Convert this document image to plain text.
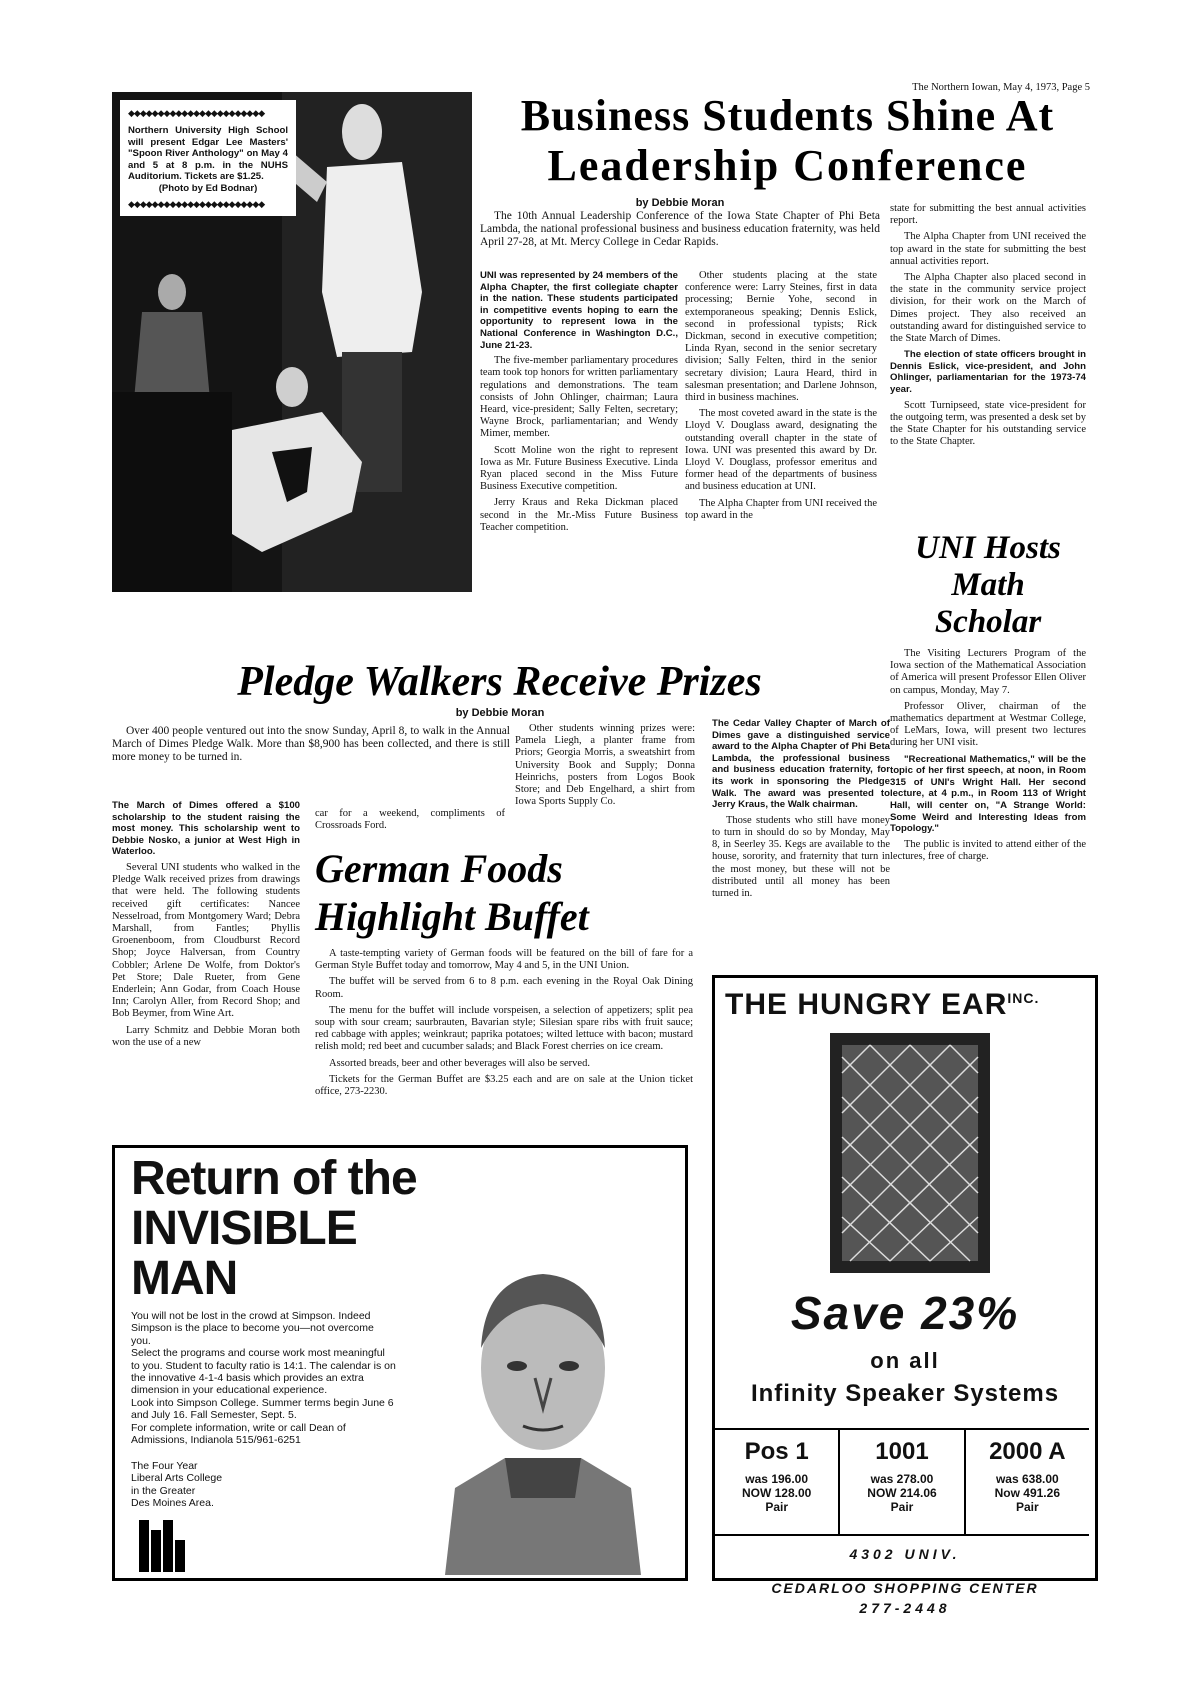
The Northern Iowan, May 4, 1973, Page 5
◆◆◆◆◆◆◆◆◆◆◆◆◆◆◆◆◆◆◆◆◆◆◆
Northern University High School will present Edgar Lee Masters' "Spoon River Anthology" on May 4 and 5 at 8 p.m. in the NUHS Auditorium. Tickets are $1.25.
(Photo by Ed Bodnar)
◆◆◆◆◆◆◆◆◆◆◆◆◆◆◆◆◆◆◆◆◆◆◆
Business Students Shine At
Leadership Conference
by Debbie Moran

The 10th Annual Leadership Conference of the Iowa State Chapter of Phi Beta Lambda, the national professional business and business education fraternity, was held April 27-28, at Mt. Mercy College in Cedar Rapids.

UNI was represented by 24 members of the Alpha Chapter, the first collegiate chapter in the nation. These students participated in competitive events hoping to earn the opportunity to represent Iowa in the National Conference in Washington D.C., June 21-23.

The five-member parliamentary procedures team took top honors for written parliamentary regulations and demonstrations. The team consists of John Ohlinger, chairman; Laura Heard, vice-president; Sally Felten, secretary; Wayne Brock, parliamentarian; and Wendy Mimer, member.

Scott Moline won the right to represent Iowa as Mr. Future Business Executive. Linda Ryan placed second in the Miss Future Business Executive competition.

Jerry Kraus and Reka Dickman placed second in the Mr.-Miss Future Business Teacher competition.

Other students placing at the state conference were: Larry Steines, first in data processing; Bernie Yohe, second in extemporaneous speaking; Dennis Eslick, second in professional typists; Rick Dickman, second in executive competition; Linda Ryan, second in the senior secretary division; Sally Felten, third in the senior secretary division; Laura Heard, third in salesman presentation; and Darlene Johnson, third in business machines.

The most coveted award in the state is the Lloyd V. Douglass award, designating the outstanding overall chapter in the state of Iowa. UNI was presented this award by Dr. Lloyd V. Douglass, professor emeritus and former head of the departments of business and business education at UNI.

The Alpha Chapter from UNI received the top award in the

state for submitting the best annual activities report.

The Alpha Chapter from UNI received the top award in the state for submitting the best annual activities report.

The Alpha Chapter also placed second in the state in the community service project division, for their work on the March of Dimes project. They also received an outstanding award for distinguished service to the State March of Dimes.

The election of state officers brought in Dennis Eslick, vice-president, and John Ohlinger, parliamentarian for the 1973-74 year.

Scott Turnipseed, state vice-president for the outgoing term, was presented a desk set by the State Chapter for his outstanding service to the State Chapter.

UNI Hosts
Math
Scholar

The Visiting Lecturers Program of the Iowa section of the Mathematical Association of America will present Professor Ellen Oliver on campus, Monday, May 7.

Professor Oliver, chairman of the mathematics department at Westmar College, of LeMars, Iowa, will present two lectures during her UNI visit.

"Recreational Mathematics," will be the topic of her first speech, at noon, in Room 315 of UNI's Wright Hall. Her second lecture, at 4 p.m., in Room 113 of Wright Hall, will center on, "A Strange World: Some Weird and Interesting Ideas from Topology."

The public is invited to attend either of the lectures, free of charge.

Pledge Walkers Receive Prizes
by Debbie Moran

Over 400 people ventured out into the snow Sunday, April 8, to walk in the Annual March of Dimes Pledge Walk. More than $8,900 has been collected, and there is still more money to be turned in.

The March of Dimes offered a $100 scholarship to the student raising the most money. This scholarship went to Debbie Nosko, a junior at West High in Waterloo.

Several UNI students who walked in the Pledge Walk received prizes from drawings that were held. The following students received gift certificates: Nancee Nesselroad, from Montgomery Ward; Debra Marshall, from Fantles; Phyllis Groenenboom, from Cloudburst Record Shop; Joyce Halversan, from Country Cobbler; Arlene De Wolfe, from Doktor's Pet Store; Dale Rueter, from Gene Enderlein; Ann Godar, from Coach House Inn; Carolyn Aller, from Record Shop; and Bob Beymer, from Wine Art.

Larry Schmitz and Debbie Moran both won the use of a new

car for a weekend, compliments of Crossroads Ford.

Other students winning prizes were: Pamela Liegh, a planter frame from Priors; Georgia Morris, a sweatshirt from University Book and Supply; Donna Heinrichs, posters from Logos Book Store; and Deb Engelhard, a shirt from Iowa Sports Supply Co.

The Cedar Valley Chapter of March of Dimes gave a distinguished service award to the Alpha Chapter of Phi Beta Lambda, the professional business and business education fraternity, for its work in sponsoring the Pledge Walk. The award was presented to Jerry Kraus, the Walk chairman.

Those students who still have money to turn in should do so by Monday, May 8, in Seerley 35. Kegs are available to the house, sorority, and fraternity that turn in the most money, but these will not be distributed until all money has been turned in.

German Foods
Highlight Buffet

A taste-tempting variety of German foods will be featured on the bill of fare for a German Style Buffet today and tomorrow, May 4 and 5, in the UNI Union.

The buffet will be served from 6 to 8 p.m. each evening in the Royal Oak Dining Room.

The menu for the buffet will include vorspeisen, a selection of appetizers; split pea soup with sour cream; saurbrauten, Bavarian style; Silesian spare ribs with fruit sauce; red cabbage with apples; weinkraut; paprika potatoes; wilted lettuce with bacon; mustard relish mold; red beet and cucumber salads; and Black Forest cherries on ice cream.

Assorted breads, beer and other beverages will also be served.

Tickets for the German Buffet are $3.25 each and are on sale at the Union ticket office, 273-2230.

Return of the
INVISIBLE
MAN
You will not be lost in the crowd at Simpson. Indeed Simpson is the place to become you—not overcome you.
Select the programs and course work most meaningful to you. Student to faculty ratio is 14:1. The calendar is on the innovative 4-1-4 basis which provides an extra dimension in your educational experience.
Look into Simpson College. Summer terms begin June 6 and July 16. Fall Semester, Sept. 5.
For complete information, write or call Dean of Admissions, Indianola 515/961-6251
The Four Year
Liberal Arts College
in the Greater
Des Moines Area.
THE HUNGRY $EAR^{INC.}$
Save 23%
on all
Infinity Speaker Systems
Pos 1
was 196.00
NOW 128.00
Pair
1001
was 278.00
NOW 214.06
Pair
2000 A
was 638.00
Now 491.26
Pair
4302 UNIV.
CEDARLOO SHOPPING CENTER
277-2448
